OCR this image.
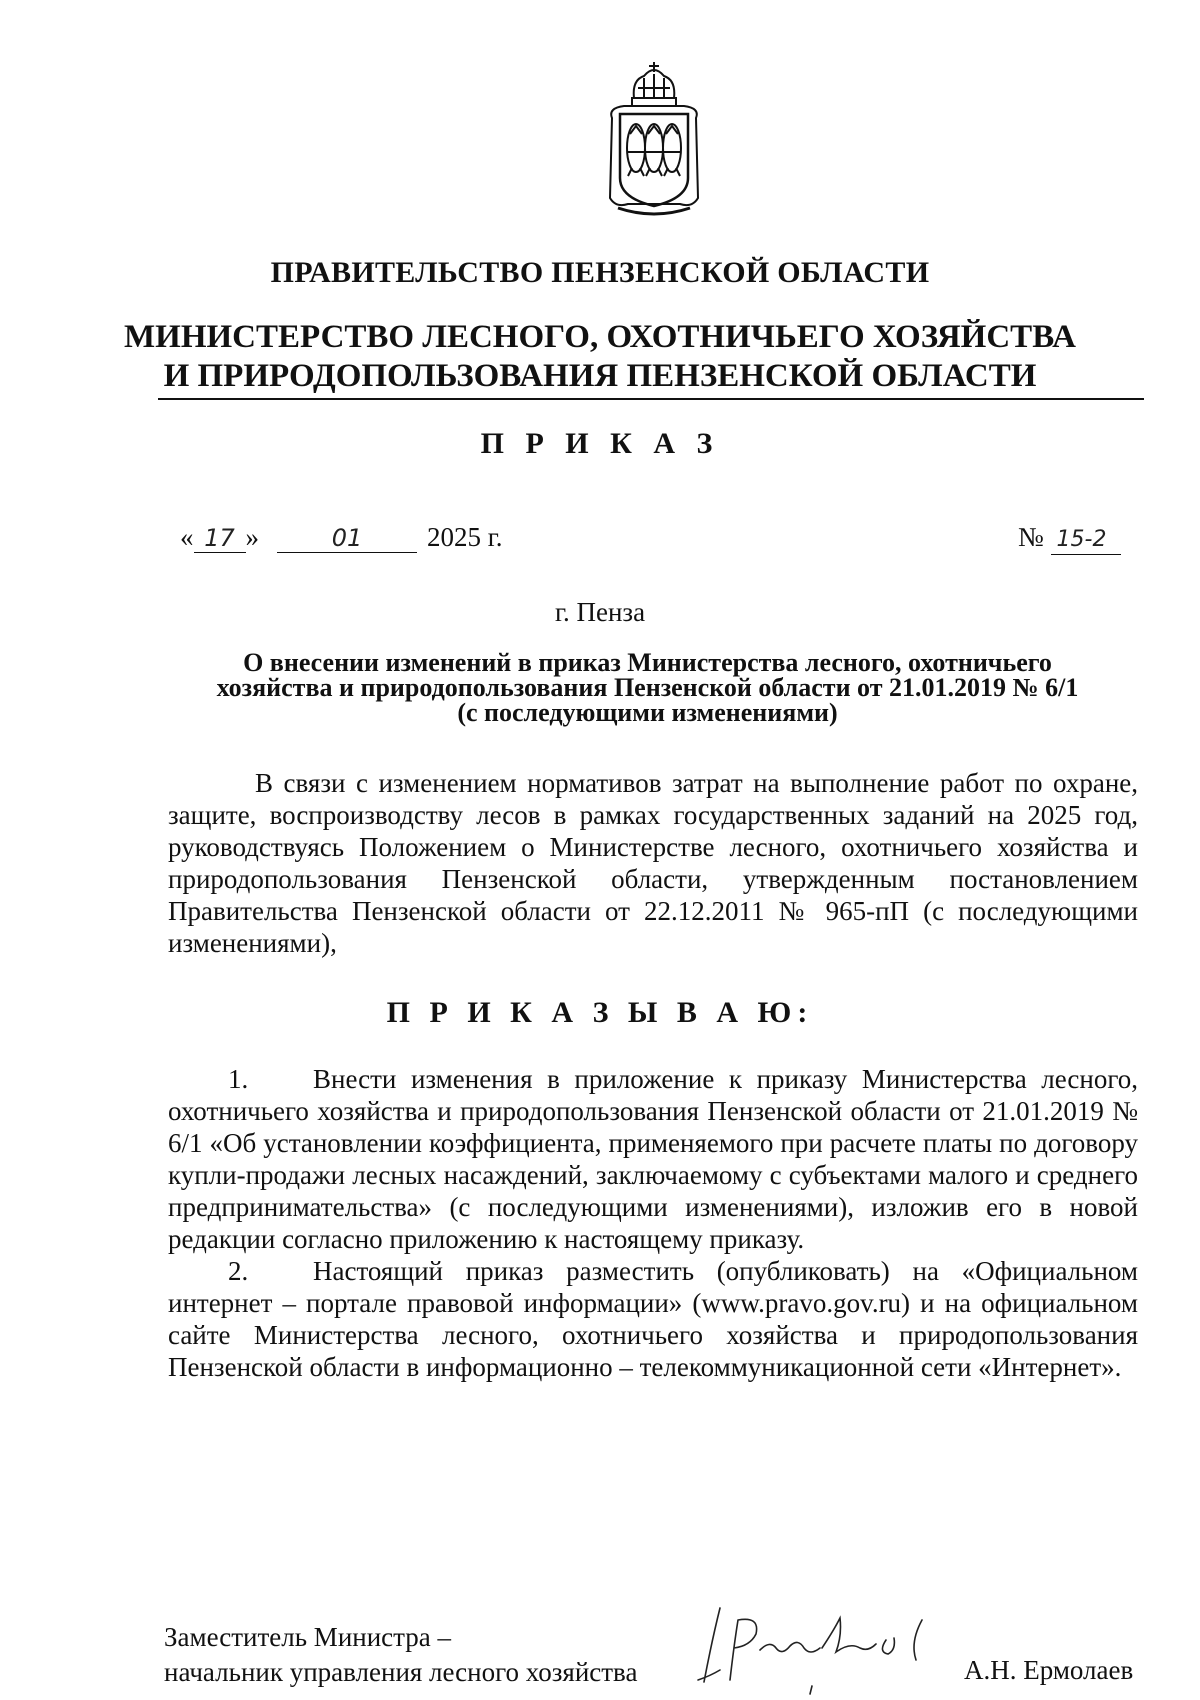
ПРАВИТЕЛЬСТВО ПЕНЗЕНСКОЙ ОБЛАСТИ
МИНИСТЕРСТВО ЛЕСНОГО, ОХОТНИЧЬЕГО ХОЗЯЙСТВА
И ПРИРОДОПОЛЬЗОВАНИЯ ПЕНЗЕНСКОЙ ОБЛАСТИ
П Р И К А З
« 17 »	01 2025 г.	№ 15-2
г. Пенза
О внесении изменений в приказ Министерства лесного, охотничьего
хозяйства и природопользования Пензенской области от 21.01.2019 № 6/1
(с последующими изменениями)
В связи с изменением нормативов затрат на выполнение работ по охране, защите, воспроизводству лесов в рамках государственных заданий на 2025 год, руководствуясь Положением о Министерстве лесного, охотничьего хозяйства и природопользования Пензенской области, утвержденным постановлением Правительства Пензенской области от 22.12.2011 № 965-пП (с последующими изменениями),
П Р И К А З Ы В А Ю:
1. Внести изменения в приложение к приказу Министерства лесного, охотничьего хозяйства и природопользования Пензенской области от 21.01.2019 № 6/1 «Об установлении коэффициента, применяемого при расчете платы по договору купли-продажи лесных насаждений, заключаемому с субъектами малого и среднего предпринимательства» (с последующими изменениями), изложив его в новой редакции согласно приложению к настоящему приказу.
2. Настоящий приказ разместить (опубликовать) на «Официальном интернет – портале правовой информации» (www.pravo.gov.ru) и на официальном сайте Министерства лесного, охотничьего хозяйства и природопользования Пензенской области в информационно – телекоммуникационной сети «Интернет».
Заместитель Министра –
начальник управления лесного хозяйства	А.Н. Ермолаев
